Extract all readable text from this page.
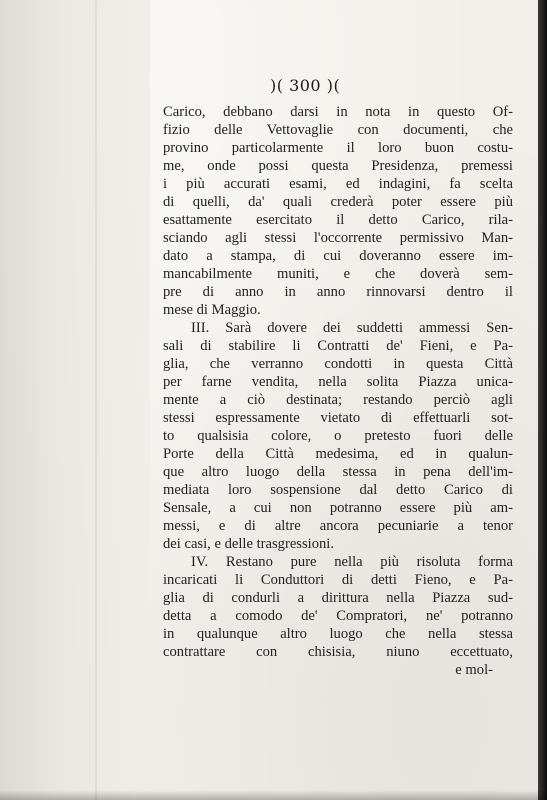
)( 300 )(
Carico, debbano darsi in nota in questo Of-
fizio delle Vettovaglie con documenti, che
provino particolarmente il loro buon costu-
me, onde possi questa Presidenza, premessi
i più accurati esami, ed indagini, fa scelta
di quelli, da' quali crederà poter essere più
esattamente esercitato il detto Carico, rila-
sciando agli stessi l'occorrente permissivo Man-
dato a stampa, di cui doveranno essere im-
mancabilmente muniti, e che doverà sem-
pre di anno in anno rinnovarsi dentro il
mese di Maggio.
III. Sarà dovere dei suddetti ammessi Sen-
sali di stabilire li Contratti de' Fieni, e Pa-
glia, che verranno condotti in questa Città
per farne vendita, nella solita Piazza unica-
mente a ciò destinata; restando perciò agli
stessi espressamente vietato di effettuarli sot-
to qualsisia colore, o pretesto fuori delle
Porte della Città medesima, ed in qualun-
que altro luogo della stessa in pena dell'im-
mediata loro sospensione dal detto Carico di
Sensale, a cui non potranno essere più am-
messi, e di altre ancora pecuniarie a tenor
dei casi, e delle trasgressioni.
IV. Restano pure nella più risoluta forma
incaricati li Conduttori di detti Fieno, e Pa-
glia di condurli a dirittura nella Piazza sud-
detta a comodo de' Compratori, ne' potranno
in qualunque altro luogo che nella stessa
contrattare con chisisia, niuno eccettuato,
e mol-
